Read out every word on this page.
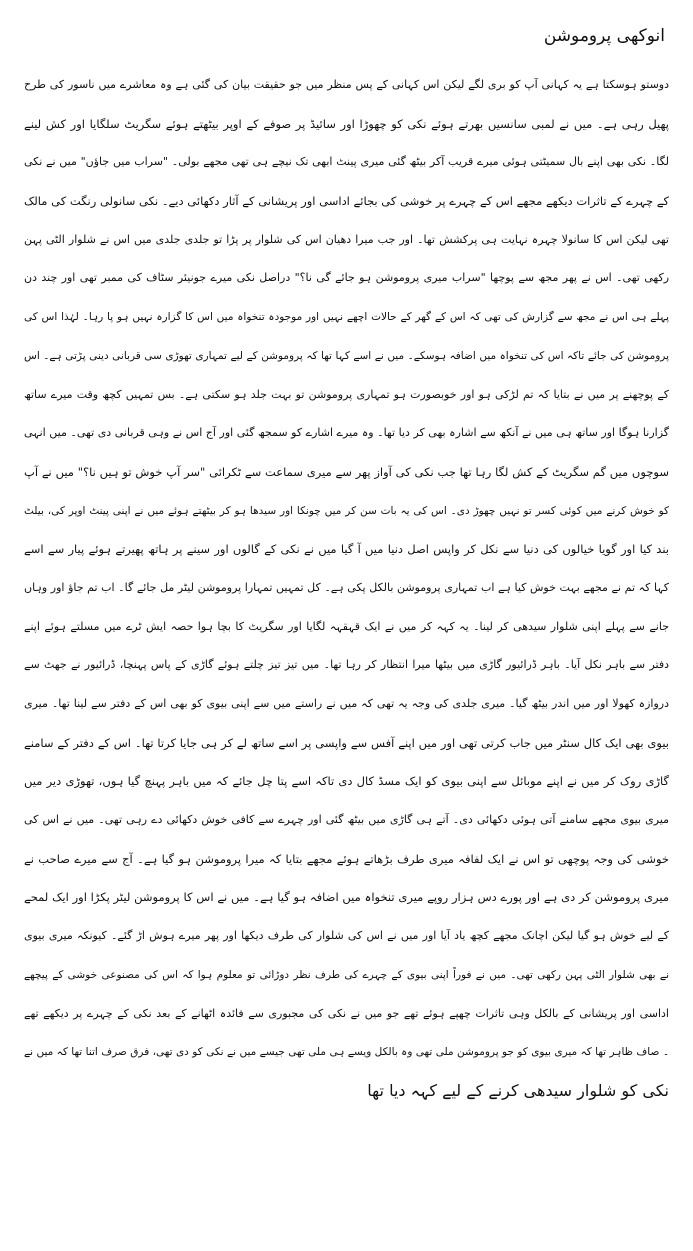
انوکھی پروموشن
دوستو ہوسکتا ہے یہ کہانی آپ کو بری لگے لیکن اس کہانی کے پس منظر میں جو حقیقت بیان کی گئی ہے وہ معاشرے میں ناسور کی طرح
پھیل رہی ہے۔ میں نے لمبی سانسیں بھرتے ہوئے نکی کو چھوڑا اور سائیڈ پر صوفے کے اوپر بیٹھتے ہوئے سگریٹ سلگایا اور کش لینے
لگا۔ نکی بھی اپنے بال سمیٹتی ہوئی میرے قریب آکر بیٹھ گئی میری پینٹ ابھی تک نیچے ہی تھی مجھے بولی۔ "سراب میں جاؤں" میں نے نکی
کے چہرے کے تاثرات دیکھے مجھے اس کے چہرے پر خوشی کی بجائے اداسی اور پریشانی کے آثار دکھائی دیے۔ نکی سانولی رنگت کی مالک
تھی لیکن اس کا سانولا چہرہ نہایت ہی پرکشش تھا۔ اور جب میرا دھیان اس کی شلوار پر پڑا تو جلدی جلدی میں اس نے شلوار الٹی پہن
رکھی تھی۔ اس نے پھر مجھ سے پوچھا "سراب میری پروموشن ہو جائے گی نا؟" دراصل نکی میرے جونیئر سٹاف کی ممبر تھی اور چند دن
پہلے ہی اس نے مجھ سے گزارش کی تھی کہ اس کے گھر کے حالات اچھے نہیں اور موجودہ تنخواہ میں اس کا گزارہ نہیں ہو پا رہا۔ لہٰذا اس کی
پروموشن کی جائے تاکہ اس کی تنخواہ میں اضافہ ہوسکے۔ میں نے اسے کہا تھا کہ پروموشن کے لیے تمہاری تھوڑی سی قربانی دینی پڑتی ہے۔ اس
کے پوچھنے پر میں نے بتایا کہ تم لڑکی ہو اور خوبصورت ہو تمہاری پروموشن تو بہت جلد ہو سکتی ہے۔ بس تمہیں کچھ وقت میرے ساتھ
گزارنا ہوگا اور ساتھ ہی میں نے آنکھ سے اشارہ بھی کر دیا تھا۔ وہ میرے اشارے کو سمجھ گئی اور آج اس نے وہی قربانی دی تھی۔ میں انہی
سوچوں میں گم سگریٹ کے کش لگا رہا تھا جب نکی کی آواز پھر سے میری سماعت سے ٹکرائی "سر آپ خوش تو ہیں نا؟" میں نے آپ
کو خوش کرنے میں کوئی کسر تو نہیں چھوڑ دی۔ اس کی یہ بات سن کر میں چونکا اور سیدھا ہو کر بیٹھتے ہوئے میں نے اپنی پینٹ اوپر کی، بیلٹ
بند کیا اور گویا خیالوں کی دنیا سے نکل کر واپس اصل دنیا میں آ گیا میں نے نکی کے گالوں اور سینے پر ہاتھ پھیرتے ہوئے پیار سے اسے
کہا کہ تم نے مجھے بہت خوش کیا ہے اب تمہاری پروموشن بالکل پکی ہے۔ کل تمہیں تمہارا پروموشن لیٹر مل جائے گا۔ اب تم جاؤ اور وہاں
جانے سے پہلے اپنی شلوار سیدھی کر لینا۔ یہ کہہ کر میں نے ایک قہقہہ لگایا اور سگریٹ کا بچا ہوا حصہ ایش ٹرے میں مسلتے ہوئے اپنے
دفتر سے باہر نکل آیا۔ باہر ڈرائیور گاڑی میں بیٹھا میرا انتظار کر رہا تھا۔ میں تیز تیز چلتے ہوئے گاڑی کے پاس پہنچا، ڈرائیور نے جھٹ سے
دروازہ کھولا اور میں اندر بیٹھ گیا۔ میری جلدی کی وجہ یہ تھی کہ میں نے راستے میں سے اپنی بیوی کو بھی اس کے دفتر سے لینا تھا۔ میری
بیوی بھی ایک کال سنٹر میں جاب کرتی تھی اور میں اپنے آفس سے واپسی پر اسے ساتھ لے کر ہی جایا کرتا تھا۔ اس کے دفتر کے سامنے
گاڑی روک کر میں نے اپنے موبائل سے اپنی بیوی کو ایک مسڈ کال دی تاکہ اسے پتا چل جائے کہ میں باہر پہنچ گیا ہوں، تھوڑی دیر میں
میری بیوی مجھے سامنے آتی ہوئی دکھائی دی۔ آتے ہی گاڑی میں بیٹھ گئی اور چہرے سے کافی خوش دکھائی دے رہی تھی۔ میں نے اس کی
خوشی کی وجہ پوچھی تو اس نے ایک لفافہ میری طرف بڑھاتے ہوئے مجھے بتایا کہ میرا پروموشن ہو گیا ہے۔ آج سے میرے صاحب نے
میری پروموشن کر دی ہے اور پورے دس ہزار روپے میری تنخواہ میں اضافہ ہو گیا ہے۔ میں نے اس کا پروموشن لیٹر پکڑا اور ایک لمحے
کے لیے خوش ہو گیا لیکن اچانک مجھے کچھ یاد آیا اور میں نے اس کی شلوار کی طرف دیکھا اور پھر میرے ہوش اڑ گئے۔ کیونکہ میری بیوی
نے بھی شلوار الٹی پہن رکھی تھی۔ میں نے فوراً اپنی بیوی کے چہرے کی طرف نظر دوڑائی تو معلوم ہوا کہ اس کی مصنوعی خوشی کے پیچھے
اداسی اور پریشانی کے بالکل وہی تاثرات چھپے ہوئے تھے جو میں نے نکی کی مجبوری سے فائدہ اٹھانے کے بعد نکی کے چہرے پر دیکھے تھے
۔ صاف ظاہر تھا کہ میری بیوی کو جو پروموشن ملی تھی وہ بالکل ویسے ہی ملی تھی جیسے میں نے نکی کو دی تھی، فرق صرف اتنا تھا کہ میں نے
نکی کو شلوار سیدھی کرنے کے لیے کہہ دیا تھا
